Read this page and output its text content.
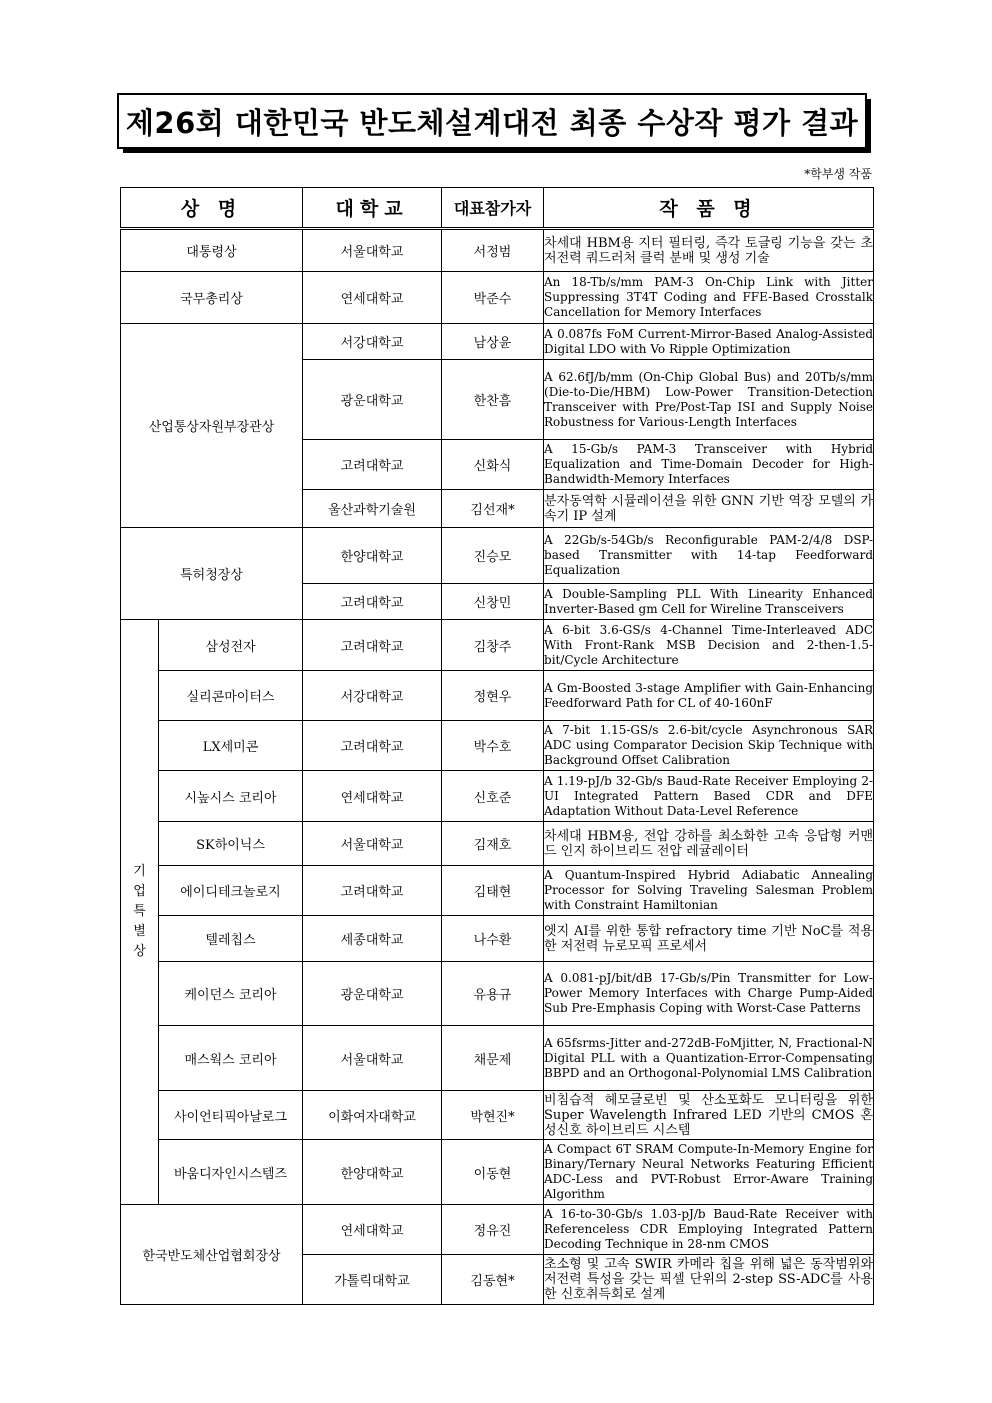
제26회 대한민국 반도체설계대전 최종 수상작 평가 결과
*학부생 작품
상 명		대학교	대표참가자	작 품 명
대통령상		서울대학교	서정범	차세대 HBM용 지터 필터링, 즉각 토글링 기능을 갖는 초저전력 쿼드러처 클럭 분배 및 생성 기술
국무총리상		연세대학교	박준수	An 18-Tb/s/mm PAM-3 On-Chip Link with Jitter Suppressing 3T4T Coding and FFE-Based Crosstalk Cancellation for Memory Interfaces
산업통상자원부장관상		서강대학교	남상윤	A 0.087fs FoM Current-Mirror-Based Analog-Assisted Digital LDO with Vo Ripple Optimization
		광운대학교	한찬흠	A 62.6fJ/b/mm (On-Chip Global Bus) and 20Tb/s/mm (Die-to-Die/HBM) Low-Power Transition-Detection Transceiver with Pre/Post-Tap ISI and Supply Noise Robustness for Various-Length Interfaces
		고려대학교	신화식	A 15-Gb/s PAM-3 Transceiver with Hybrid Equalization and Time-Domain Decoder for High-Bandwidth-Memory Interfaces
		울산과학기술원	김선재*	분자동역학 시뮬레이션을 위한 GNN 기반 역장 모델의 가속기 IP 설계
특허청장상		한양대학교	진승모	A 22Gb/s-54Gb/s Reconfigurable PAM-2/4/8 DSP-based Transmitter with 14-tap Feedforward Equalization
		고려대학교	신창민	A Double-Sampling PLL With Linearity Enhanced Inverter-Based gm Cell for Wireline Transceivers

기
업
특
별
상	삼성전자	고려대학교	김창주	A 6-bit 3.6-GS/s 4-Channel Time-Interleaved ADC With Front-Rank MSB Decision and 2-then-1.5-bit/Cycle Architecture
	실리콘마이터스	서강대학교	정현우	A Gm-Boosted 3-stage Amplifier with Gain-Enhancing Feedforward Path for CL of 40-160nF
	LX세미콘	고려대학교	박수호	A 7-bit 1.15-GS/s 2.6-bit/cycle Asynchronous SAR ADC using Comparator Decision Skip Technique with Background Offset Calibration
	시높시스 코리아	연세대학교	신호준	A 1.19-pJ/b 32-Gb/s Baud-Rate Receiver Employing 2-UI Integrated Pattern Based CDR and DFE Adaptation Without Data-Level Reference
	SK하이닉스	서울대학교	김재호	차세대 HBM용, 전압 강하를 최소화한 고속 응답형 커맨드 인지 하이브리드 전압 레귤레이터
	에이디테크놀로지	고려대학교	김태현	A Quantum-Inspired Hybrid Adiabatic Annealing Processor for Solving Traveling Salesman Problem with Constraint Hamiltonian
	텔레칩스	세종대학교	나수환	엣지 AI를 위한 통합 refractory time 기반 NoC를 적용한 저전력 뉴로모픽 프로세서
	케이던스 코리아	광운대학교	유용규	A 0.081-pJ/bit/dB 17-Gb/s/Pin Transmitter for Low-Power Memory Interfaces with Charge Pump-Aided Sub Pre-Emphasis Coping with Worst-Case Patterns
	매스웍스 코리아	서울대학교	채문제	A 65fsrms-Jitter and-272dB-FoMjitter, N, Fractional-N Digital PLL with a Quantization-Error-Compensating BBPD and an Orthogonal-Polynomial LMS Calibration
	사이언티픽아날로그	이화여자대학교	박현진*	비침습적 헤모글로빈 및 산소포화도 모니터링을 위한 Super Wavelength Infrared LED 기반의 CMOS 혼성신호 하이브리드 시스템
	바움디자인시스템즈	한양대학교	이동현	A Compact 6T SRAM Compute-In-Memory Engine for Binary/Ternary Neural Networks Featuring Efficient ADC-Less and PVT-Robust Error-Aware Training Algorithm
한국반도체산업협회장상		연세대학교	정유진	A 16-to-30-Gb/s 1.03-pJ/b Baud-Rate Receiver with Referenceless CDR Employing Integrated Pattern Decoding Technique in 28-nm CMOS
		가톨릭대학교	김동현*	초소형 및 고속 SWIR 카메라 칩을 위해 넓은 동작범위와 저전력 특성을 갖는 픽셀 단위의 2-step SS-ADC를 사용한 신호취득회로 설계
